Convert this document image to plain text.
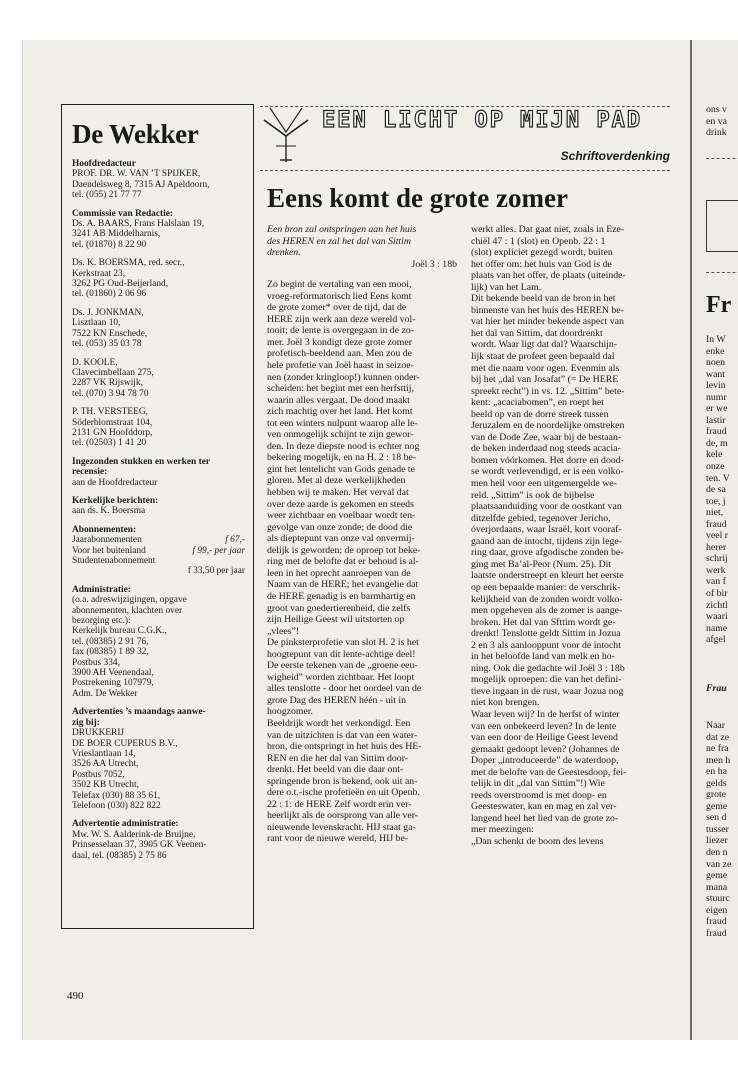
De Wekker
Hoofdredacteur
PROF. DR. W. VAN ’T SPIJKER,
Daendelsweg 8, 7315 AJ Apeldoorn,
tel. (055) 21 77 77
Commissie van Redactie:
Ds. A. BAARS, Frans Halslaan 19,
3241 AB Middelharnis,
tel. (01870) 8 22 90
Ds. K. BOERSMA, red. secr.,
Kerkstraat 23,
3262 PG Oud-Beijerland,
tel. (01860) 2 06 96
Ds. J. JONKMAN,
Lisztlaan 10,
7522 KN Enschede,
tel. (053) 35 03 78
D. KOOLE,
Clavecimbellaan 275,
2287 VK Rijswijk,
tel. (070) 3 94 78 70
P. TH. VERSTEEG,
Söderblomstraat 104,
2131 GN Hoofddorp,
tel. (02503) 1 41 20
Ingezonden stukken en werken ter recensie:
aan de Hoofdredacteur
Kerkelijke berichten:
aan ds. K. Boersma
Abonnementen:
Jaarabonnementen	f 67,-
Voor het buitenland	f 99,- per jaar
Studentenabonnement
f 33,50 per jaar
Administratie:
(o.a. adreswijzigingen, opgave
abonnementen, klachten over
bezorging etc.):
Kerkelijk bureau C.G.K.,
tel. (08385) 2 91 76,
fax (08385) 1 89 32,
Postbus 334,
3900 AH Veenendaal,
Postrekening 107979,
Adm. De Wekker
Advertenties ’s maandags aanwe-
zig bij:
DRUKKERIJ
DE BOER CUPERUS B.V.,
Vrieslantlaan 14,
3526 AA Utrecht,
Postbus 7052,
3502 KB Utrecht,
Telefax (030) 88 35 61,
Telefoon (030) 822 822
Advertentie administratie:
Mw. W. S. Aalderink-de Bruijne,
Prinsesselaan 37, 3905 GK Veenen-
daal, tel. (08385) 2 75 86
EEN LICHT OP MIJN PAD
Schriftoverdenking
Eens komt de grote zomer
Een bron zal ontspringen aan het huis
des HEREN en zal het dal van Sittim
drenken.
Joël 3 : 18b
Zo begint de vertaling van een mooi,
vroeg-reformatorisch lied Eens komt
de grote zomer* over de tijd, dat de
HERE zijn werk aan deze wereld vol-
tooit; de lente is overgegaan in de zo-
mer. Joël 3 kondigt deze grote zomer
profetisch-beeldend aan. Men zou de
hele profetie van Joël haast in seizoe-
nen (zonder kringloop!) kunnen onder-
scheiden: het begint met een herfsttij,
waarin alles vergaat. De dood maakt
zich machtig over het land. Het komt
tot een winters nulpunt waarop alle le-
ven onmogelijk schijnt te zijn gewor-
den. In deze diepste nood is echter nog
bekering mogelijk, en na H. 2 : 18 be-
gint het lentelicht van Gods genade te
gloren. Met al deze werkelijkheden
hebben wij te maken. Het verval dat
over deze aarde is gekomen en steeds
weer zichtbaar en voelbaar wordt ten-
gevolge van onze zonde; de dood die
als dieptepunt van onze val onvermij-
delijk is geworden; de oproep tot beke-
ring met de belofte dat er behoud is al-
leen in het oprecht aanroepen van de
Naam van de HERE; het evangelie dat
de HERE genadig is en barmhartig en
groot van goedertierenheid, die zelfs
zijn Heilige Geest wil uitstorten op
„vlees”!
De pinksterprofetie van slot H. 2 is het
hoogtepunt van dit lente-achtige deel!
De eerste tekenen van de „groene eeu-
wigheid” worden zichtbaar. Het loopt
alles tenslotte - door het oordeel van de
grote Dag des HEREN héén - uit in
hoogzomer.
Beeldrijk wordt het verkondigd. Een
van de uitzichten is dat van een water-
bron, die ontspringt in het huis des HE-
REN en die het dal van Sittim door-
drenkt. Het beeld van die daar ont-
springende bron is bekend, ook uit an-
dere o.t.-ische profetieën en uit Openb.
22 : 1: de HERE Zelf wordt erin ver-
heerlijkt als de oorsprong van alle ver-
nieuwende levenskracht. HIJ staat ga-
rant voor de nieuwe wereld, HIJ be-
werkt alles. Dat gaat niet, zoals in Eze-
chiël 47 : 1 (slot) en Openb. 22 : 1
(slot) expliciet gezegd wordt, buiten
het offer om: het huis van God is de
plaats van het offer, de plaats (uiteinde-
lijk) van het Lam.
Dit bekende beeld van de bron in het
binnenste van het huis des HEREN be-
vat hier het minder bekende aspect van
het dal van Sittim, dat doordrenkt
wordt. Waar ligt dat dal? Waarschijn-
lijk staat de profeet geen bepaald dal
met die naam voor ogen. Evenmin als
bij het „dal van Josafat” (= De HERE
spreekt recht”) in vs. 12. „Sittim” bete-
kent: „acaciabomen”, en roept het
beeld op van de dorre streek tussen
Jeruzalem en de noordelijke omstreken
van de Dode Zee, waar bij de bestaan-
de beken inderdaad nog steeds acacia-
bomen vóórkomen. Het dorre en dood-
se wordt verlevendigd, er is een volko-
men heil voor een uitgemergelde we-
reld. „Sittim” is ook de bijbelse
plaatsaanduiding voor de oostkant van
ditzelfde gebied, tegenover Jericho,
óverjordaans, waar Israël, kort vooraf-
gaand aan de intocht, tijdens zijn lege-
ring daar, grove afgodische zonden be-
ging met Ba’al-Peor (Num. 25). Dit
laatste onderstreept en kleurt het eerste
op een bepaalde manier: de verschrik-
kelijkheid van de zonden wordt volko-
men opgeheven als de zomer is aange-
broken. Het dal van Sfttim wordt ge-
drenkt! Tenslotte geldt Sittim in Jozua
2 en 3 als aanlooppunt voor de intocht
in het beloofde land van melk en ho-
ning. Ook die gedachte wil Joël 3 : 18b
mogelijk oproepen: die van het defini-
tieve ingaan in de rust, waar Jozua nog
niet kon brengen.
Waar leven wij? In de herfst of winter
van een onbekeerd leven? In de lente
van een door de Heilige Geest levend
gemaakt gedoopt leven? (Johannes de
Doper „introduceerde” de waterdoop,
met de belofte van de Geestesdoop, fei-
telijk in dit „dal van Sittim”!) Wie
reeds overstroomd is met doop- en
Geesteswater, kan en mag en zal ver-
langend heel het lied van de grote zo-
mer meezingen:
„Dan schenkt de boom des levens
490
ons v
en va
drink
Fr
In W
enke
noen
want
levin
numr
er we
lastir
fraud
de, m
kele
onze
ten. V
de sa
toe, j
niet,
fraud
veel r
herer
schrij
werk
van f
of bir
zichtl
waari
name
afgel
Frau
Naar
dat ze
ne fra
men h
en ha
gelds
grote
geme
sen d
tusser
liezer
den n
van ze
geme
mana
stuurc
eigen
fraud
fraud
